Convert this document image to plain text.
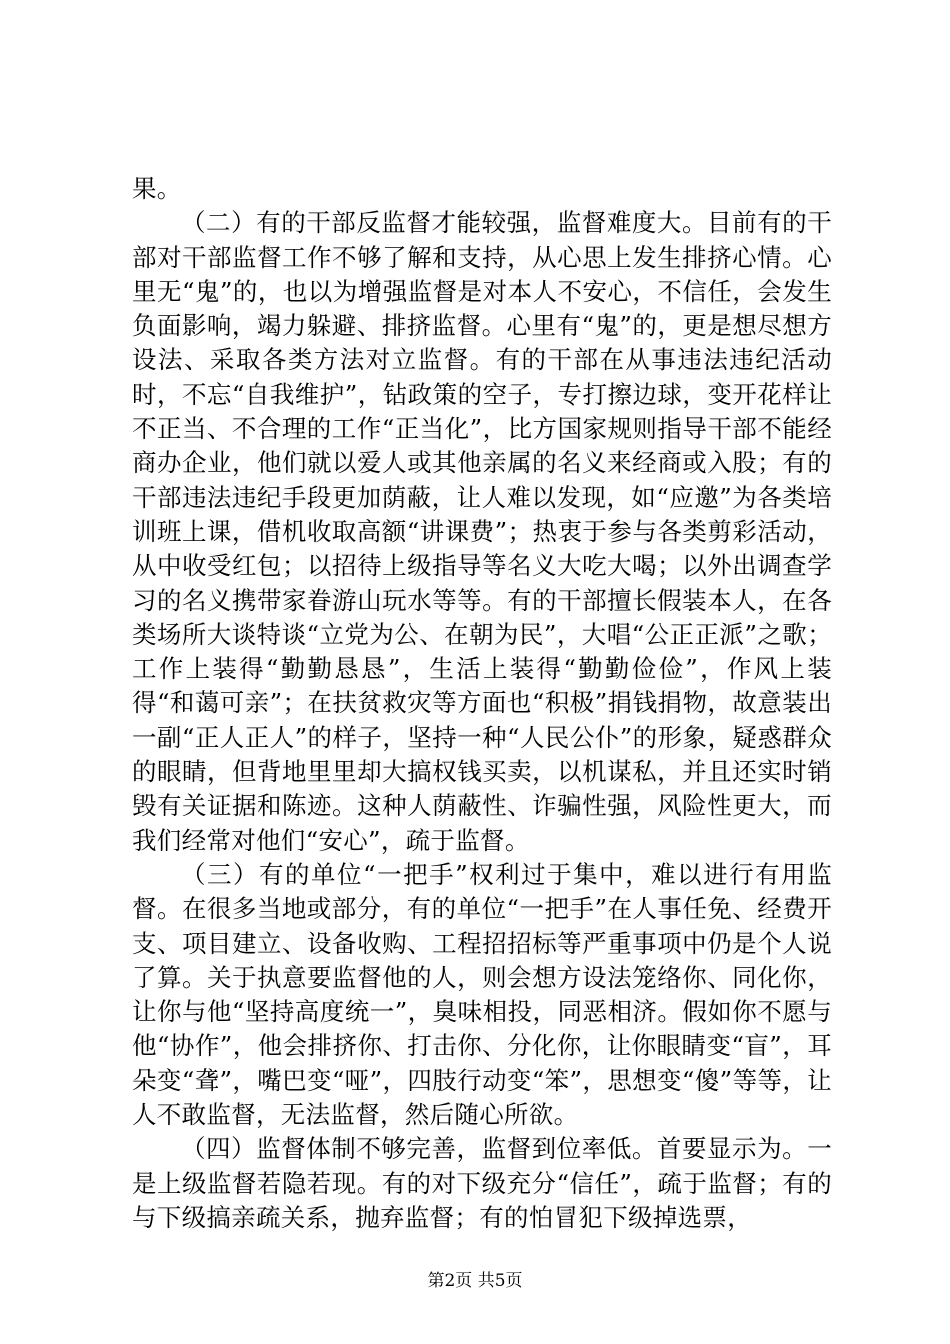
果。

（二）有的干部反监督才能较强，监督难度大。目前有的干部对干部监督工作不够了解和支持，从心思上发生排挤心情。心里无“鬼”的，也以为增强监督是对本人不安心，不信任，会发生负面影响，竭力躲避、排挤监督。心里有“鬼”的，更是想尽想方设法、采取各类方法对立监督。有的干部在从事违法违纪活动时，不忘“自我维护”，钻政策的空子，专打擦边球，变开花样让不正当、不合理的工作“正当化”，比方国家规则指导干部不能经商办企业，他们就以爱人或其他亲属的名义来经商或入股；有的干部违法违纪手段更加荫蔽，让人难以发现，如“应邀”为各类培训班上课，借机收取高额“讲课费”；热衷于参与各类剪彩活动，从中收受红包；以招待上级指导等名义大吃大喝；以外出调查学习的名义携带家眷游山玩水等等。有的干部擅长假装本人，在各类场所大谈特谈“立党为公、在朝为民”，大唱“公正正派”之歌；工作上装得“勤勤恳恳”，生活上装得“勤勤俭俭”，作风上装得“和蔼可亲”；在扶贫救灾等方面也“积极”捐钱捐物，故意装出一副“正人正人”的样子，坚持一种“人民公仆”的形象，疑惑群众的眼睛，但背地里里却大搞权钱买卖，以机谋私，并且还实时销毁有关证据和陈迹。这种人荫蔽性、诈骗性强，风险性更大，而我们经常对他们“安心”，疏于监督。

（三）有的单位“一把手”权利过于集中，难以进行有用监督。在很多当地或部分，有的单位“一把手”在人事任免、经费开支、项目建立、设备收购、工程招招标等严重事项中仍是个人说了算。关于执意要监督他的人，则会想方设法笼络你、同化你，让你与他“坚持高度统一”，臭味相投，同恶相济。假如你不愿与他“协作”，他会排挤你、打击你、分化你，让你眼睛变“盲”，耳朵变“聋”，嘴巴变“哑”，四肢行动变“笨”，思想变“傻”等等，让人不敢监督，无法监督，然后随心所欲。

（四）监督体制不够完善，监督到位率低。首要显示为。一是上级监督若隐若现。有的对下级充分“信任”，疏于监督；有的与下级搞亲疏关系，抛弃监督；有的怕冒犯下级掉选票，

第2页 共5页
